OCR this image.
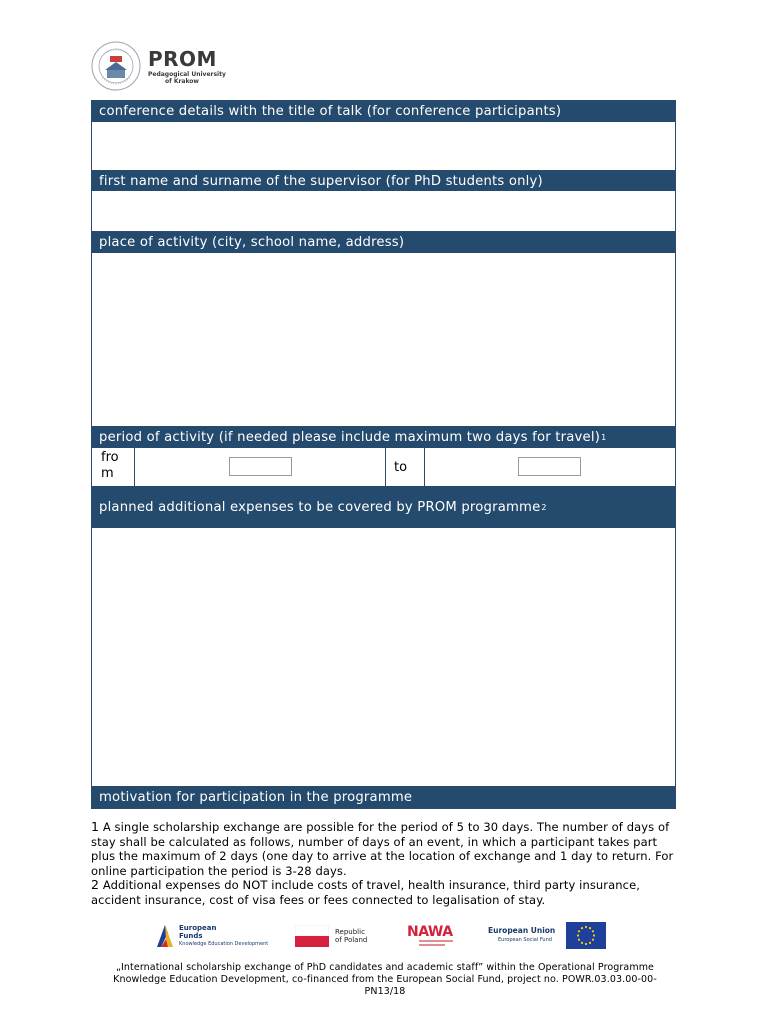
PROM
Pedagogical University
of Krakow
conference details with the title of talk (for conference participants)
first name and surname of the supervisor (for PhD students only)
place of activity (city, school name, address)
period of activity (if needed please include maximum two days for travel) 1
fro
m	to
planned additional expenses to be covered by PROM programme 2
motivation for participation in the programme

1 A single scholarship exchange are possible for the period of 5 to 30 days. The number of days of stay shall be calculated as follows, number of days of an event, in which a participant takes part plus the maximum of 2 days (one day to arrive at the location of exchange and 1 day to return. For online participation the period is 3-28 days.

2 Additional expenses do NOT include costs of travel, health insurance, third party insurance, accident insurance, cost of visa fees or fees connected to legalisation of stay.

European
Funds
Knowledge Education Development
Republic
of Poland	NAWA	European Union
European Social Fund
„International scholarship exchange of PhD candidates and academic staff” within the Operational Programme
Knowledge Education Development, co-financed from the European Social Fund, project no. POWR.03.03.00-00-
PN13/18
